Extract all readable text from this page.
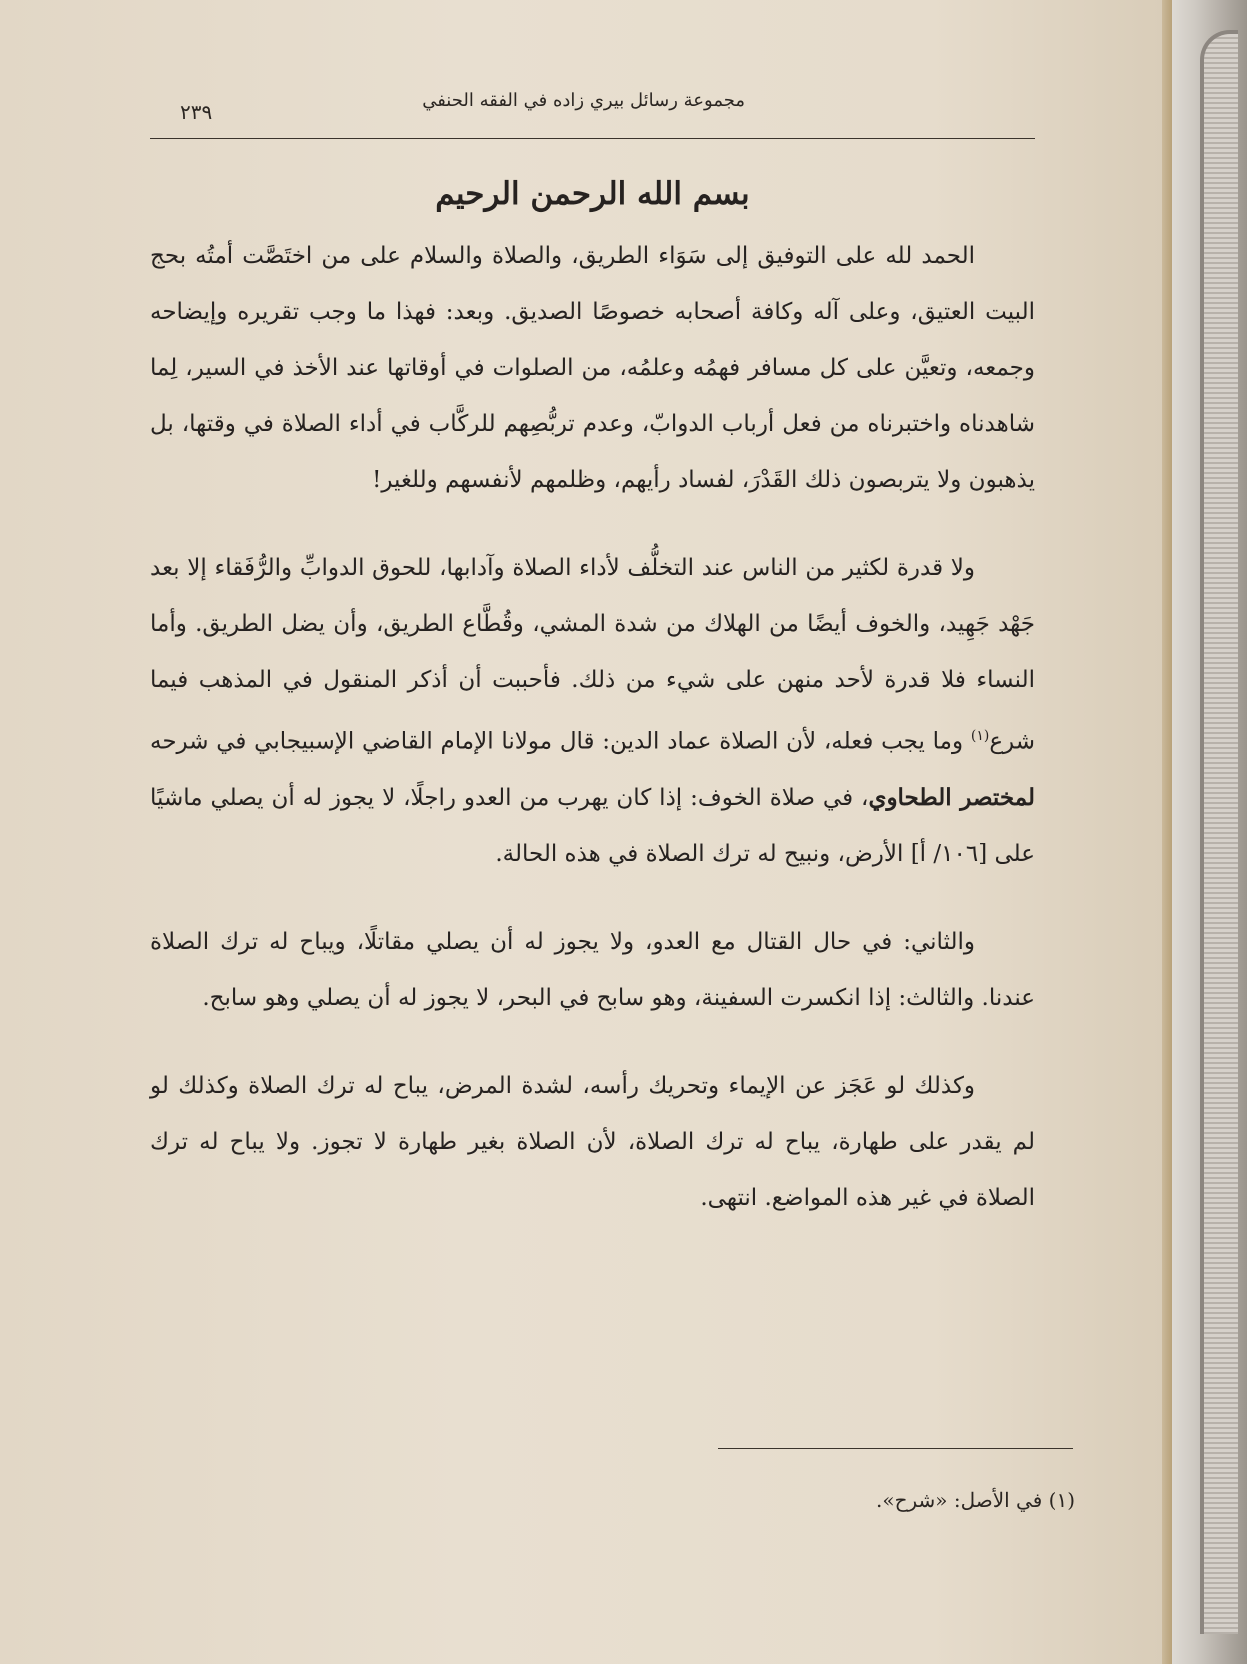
٢٣٩	مجموعة رسائل بيري زاده في الفقه الحنفي
بسم الله الرحمن الرحيم

الحمد لله على التوفيق إلى سَوَاء الطريق، والصلاة والسلام على من اختَصَّت أمتُه بحج البيت العتيق، وعلى آله وكافة أصحابه خصوصًا الصديق. وبعد: فهذا ما وجب تقريره وإيضاحه وجمعه، وتعيَّن على كل مسافر فهمُه وعلمُه، من الصلوات في أوقاتها عند الأخذ في السير، لِما شاهدناه واختبرناه من فعل أرباب الدوابّ، وعدم تربُّصِهم للركَّاب في أداء الصلاة في وقتها، بل يذهبون ولا يتربصون ذلك القَدْرَ، لفساد رأيهم، وظلمهم لأنفسهم وللغير!

ولا قدرة لكثير من الناس عند التخلُّف لأداء الصلاة وآدابها، للحوق الدوابِّ والرُّفَقاء إلا بعد جَهْد جَهِيد، والخوف أيضًا من الهلاك من شدة المشي، وقُطَّاع الطريق، وأن يضل الطريق. وأما النساء فلا قدرة لأحد منهن على شيء من ذلك. فأحببت أن أذكر المنقول في المذهب فيما شرع$^{(١)}$ وما يجب فعله، لأن الصلاة عماد الدين: قال مولانا الإمام القاضي الإسبيجابي في شرحه لمختصر الطحاوي، في صلاة الخوف: إذا كان يهرب من العدو راجلًا، لا يجوز له أن يصلي ماشيًا على [١٠٦/ أ] الأرض، ونبيح له ترك الصلاة في هذه الحالة.

والثاني: في حال القتال مع العدو، ولا يجوز له أن يصلي مقاتلًا، ويباح له ترك الصلاة عندنا. والثالث: إذا انكسرت السفينة، وهو سابح في البحر، لا يجوز له أن يصلي وهو سابح.

وكذلك لو عَجَز عن الإيماء وتحريك رأسه، لشدة المرض، يباح له ترك الصلاة وكذلك لو لم يقدر على طهارة، يباح له ترك الصلاة، لأن الصلاة بغير طهارة لا تجوز. ولا يباح له ترك الصلاة في غير هذه المواضع. انتهى.

(١) في الأصل: «شرح».
